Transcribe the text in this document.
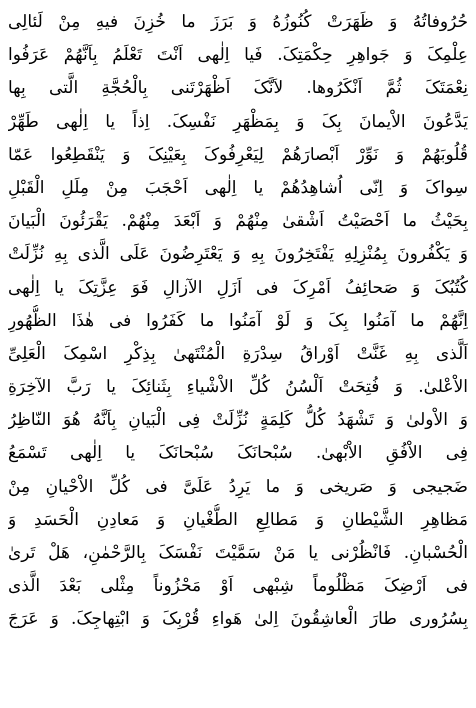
حُرُوفاتُهُ وَ ظَهَرَتْ كُنُوزُهُ وَ بَرَزَ ما خُزِنَ فيهِ مِنْ لَئالِی
عِلْمِکَ وَ جَواهِرِ حِکْمَتِکَ. فَيا اِلٰهی اَنْتَ تَعْلَمُ بِاَنَّهُمْ عَرَفُوا
نِعْمَتَکَ ثُمَّ اَنْکَرُوها. لاَنَّکَ اَظْهَرْتَنی بِالْحُجَّةِ الَّتی بِها
يَدَّعُونَ الاْيمانَ بِکَ وَ بِمَظْهَرِ نَفْسِکَ. اِذاً يا اِلٰهی طَهِّرْ
قُلُوبَهُمْ وَ نَوِّرْ اَبْصارَهُمْ لِيَعْرِفُوکَ بِعَيْنِکَ وَ يَنْقَطِعُوا عَمّا
سِواکَ وَ اِنّی اُشاهِدُهُمْ يا اِلٰهی اَحْجَبَ مِنْ مِلَلِ الْقَبْلِ
بِحَيْثُ ما اَحْصَيْتُ اَشْقیٰ مِنْهُمْ وَ اَبْعَدَ مِنْهُمْ. يَقْرَئُونَ الْبَيانَ
وَ يَکْفُرونَ بِمُنْزِلِهِ يَفْتَخِرُونَ بِهِ وَ يَعْتَرِضُونَ عَلَی الَّذی بِهِ نُزِّلَتْ
کُتُبُکَ وَ صَحائِفُ اَمْرِکَ فی اَزَلِ الآزالِ فَوَ عِزَّتِکَ يا اِلٰهی
اِنَّهُمْ ما آمَنُوا بِکَ وَ لَوْ آمَنُوا ما کَفَرُوا فی هٰذَا الظُّهُورِ
اَلَّذی بِهِ غَنَّتْ اَوْراقُ سِدْرَةِ الْمُنْتَهیٰ بِذِکْرِ اسْمِکَ الْعَلِیِّ
الاْعْلیٰ. وَ فُتِحَتْ اَلْسُنُ کُلِّ الاْشْياءِ بِثَنائِکَ يا رَبَّ الآخِرَةِ
وَ الاْولیٰ وَ تَشْهَدُ کُلُّ کَلِمَةٍ نُزِّلَتْ فِی الْبَيانِ بِاَنَّهُ هُوَ النّاظِرُ
فِی الاْفُقِ الاْبْهیٰ. سُبْحانَکَ سُبْحانَکَ يا اِلٰهی تَسْمَعُ
ضَجيجی وَ صَريخی وَ ما يَرِدُ عَلَیَّ فی کُلِّ الاْحْيانِ مِنْ
مَظاهِرِ الشَّيْطانِ وَ مَطالِعِ الطُّغْيانِ وَ مَعادِنِ الْحَسَدِ وَ
الْحُسْبانِ. فَانْظُرْنی يا مَنْ سَمَّيْتَ نَفْسَکَ بِالرَّحْمٰنِ، هَلْ تَریٰ
فی اَرْضِکَ مَظْلُوماً شِبْهی اَوْ مَحْزُوناً مِثْلی بَعْدَ الَّذی
بِسُرُوری طارَ الْعاشِقُونَ اِلیٰ هَواءِ قُرْبِکَ وَ ابْتِهاجِکَ. وَ عَرَجَ
